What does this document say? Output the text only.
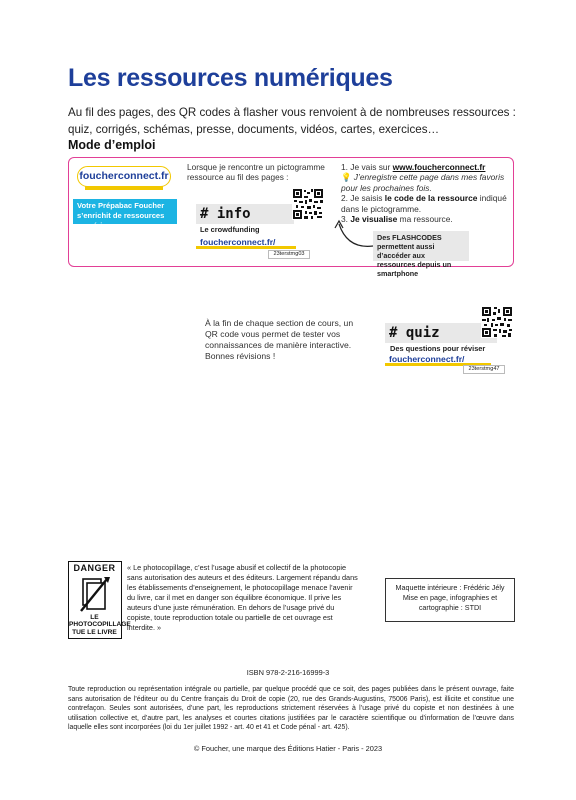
Les ressources numériques

Au fil des pages, des QR codes à flasher vous renvoient à de nombreuses ressources : quiz, corrigés, schémas, presse, documents, vidéos, cartes, exercices…

Mode d’emploi
foucherconnect.fr
Votre Prépabac Foucher s’enrichit de ressources numériques
Lorsque je rencontre un pictogramme ressource au fil des pages :
# info
Le crowdfunding
foucherconnect.fr/
23terstmg03
1. Je vais sur www.foucherconnect.fr
💡 J’enregistre cette page dans mes favoris pour les prochaines fois.
2. Je saisis le code de la ressource indiqué dans le pictogramme.
3. Je visualise ma ressource.
Des FLASHCODES permettent aussi d’accéder aux ressources depuis un smartphone
À la fin de chaque section de cours, un QR code vous permet de tester vos connaissances de manière interactive. Bonnes révisions !
# quiz
Des questions pour réviser
foucherconnect.fr/
23terstmg47
DANGER
LE
PHOTOCOPILLAGE
TUE LE LIVRE

« Le photocopillage, c’est l’usage abusif et collectif de la photocopie sans autorisation des auteurs et des éditeurs. Largement répandu dans les établissements d’enseignement, le photocopillage menace l’avenir du livre, car il met en danger son équilibre économique. Il prive les auteurs d’une juste rémunération. En dehors de l’usage privé du copiste, toute reproduction totale ou partielle de cet ouvrage est interdite. »

Maquette intérieure : Frédéric Jély
Mise en page, infographies et
cartographie : STDI
ISBN 978-2-216-16999-3

Toute reproduction ou représentation intégrale ou partielle, par quelque procédé que ce soit, des pages publiées dans le présent ouvrage, faite sans autorisation de l’éditeur ou du Centre français du Droit de copie (20, rue des Grands-Augustins, 75006 Paris), est illicite et constitue une contrefaçon. Seules sont autorisées, d’une part, les reproductions strictement réservées à l’usage privé du copiste et non destinées à une utilisation collective et, d’autre part, les analyses et courtes citations justifiées par le caractère scientifique ou d’information de l’œuvre dans laquelle elles sont incorporées (loi du 1er juillet 1992 - art. 40 et 41 et Code pénal - art. 425).

© Foucher, une marque des Éditions Hatier - Paris - 2023
